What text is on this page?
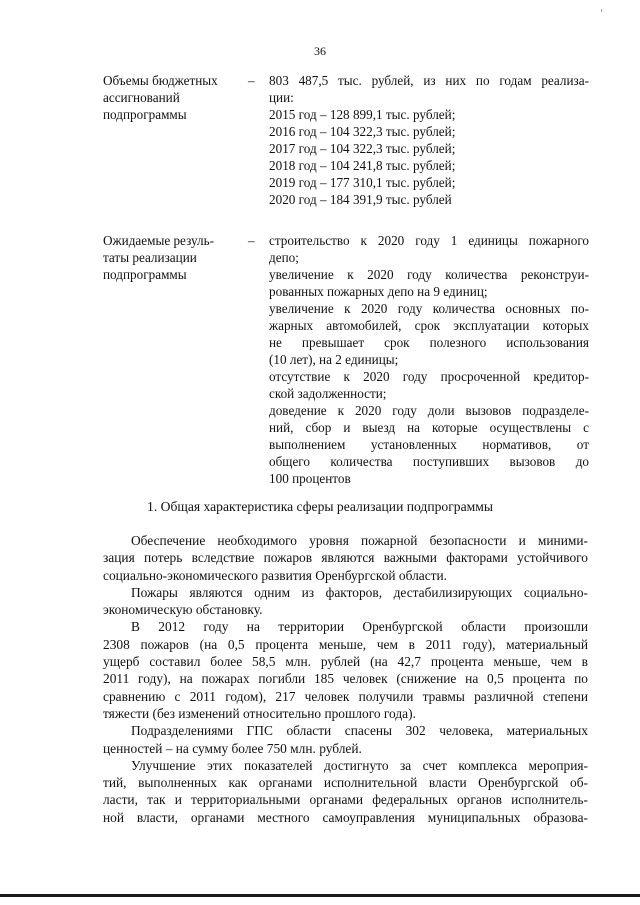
‘
36
Объемы бюджетных
ассигнований
подпрограммы
– 803 487,5 тыс. рублей, из них по годам реализа-
ции:
2015 год – 128 899,1 тыс. рублей;
2016 год – 104 322,3 тыс. рублей;
2017 год – 104 322,3 тыс. рублей;
2018 год – 104 241,8 тыс. рублей;
2019 год – 177 310,1 тыс. рублей;
2020 год – 184 391,9 тыс. рублей
Ожидаемые резуль-
таты реализации
подпрограммы
– строительство к 2020 году 1 единицы пожарного
депо;
увеличение к 2020 году количества реконструи-
рованных пожарных депо на 9 единиц;
увеличение к 2020 году количества основных по-
жарных автомобилей, срок эксплуатации которых
не превышает срок полезного использования
(10 лет), на 2 единицы;
отсутствие к 2020 году просроченной кредитор-
ской задолженности;
доведение к 2020 году доли вызовов подразделе-
ний, сбор и выезд на которые осуществлены с
выполнением установленных нормативов, от
общего количества поступивших вызовов до
100 процентов
1. Общая характеристика сферы реализации подпрограммы
Обеспечение необходимого уровня пожарной безопасности и миними-
зация потерь вследствие пожаров являются важными факторами устойчивого
социально-экономического развития Оренбургской области.
Пожары являются одним из факторов, дестабилизирующих социально-
экономическую обстановку.
В 2012 году на территории Оренбургской области произошли
2308 пожаров (на 0,5 процента меньше, чем в 2011 году), материальный
ущерб составил более 58,5 млн. рублей (на 42,7 процента меньше, чем в
2011 году), на пожарах погибли 185 человек (снижение на 0,5 процента по
сравнению с 2011 годом), 217 человек получили травмы различной степени
тяжести (без изменений относительно прошлого года).
Подразделениями ГПС области спасены 302 человека, материальных
ценностей – на сумму более 750 млн. рублей.
Улучшение этих показателей достигнуто за счет комплекса мероприя-
тий, выполненных как органами исполнительной власти Оренбургской об-
ласти, так и территориальными органами федеральных органов исполнитель-
ной власти, органами местного самоуправления муниципальных образова-
